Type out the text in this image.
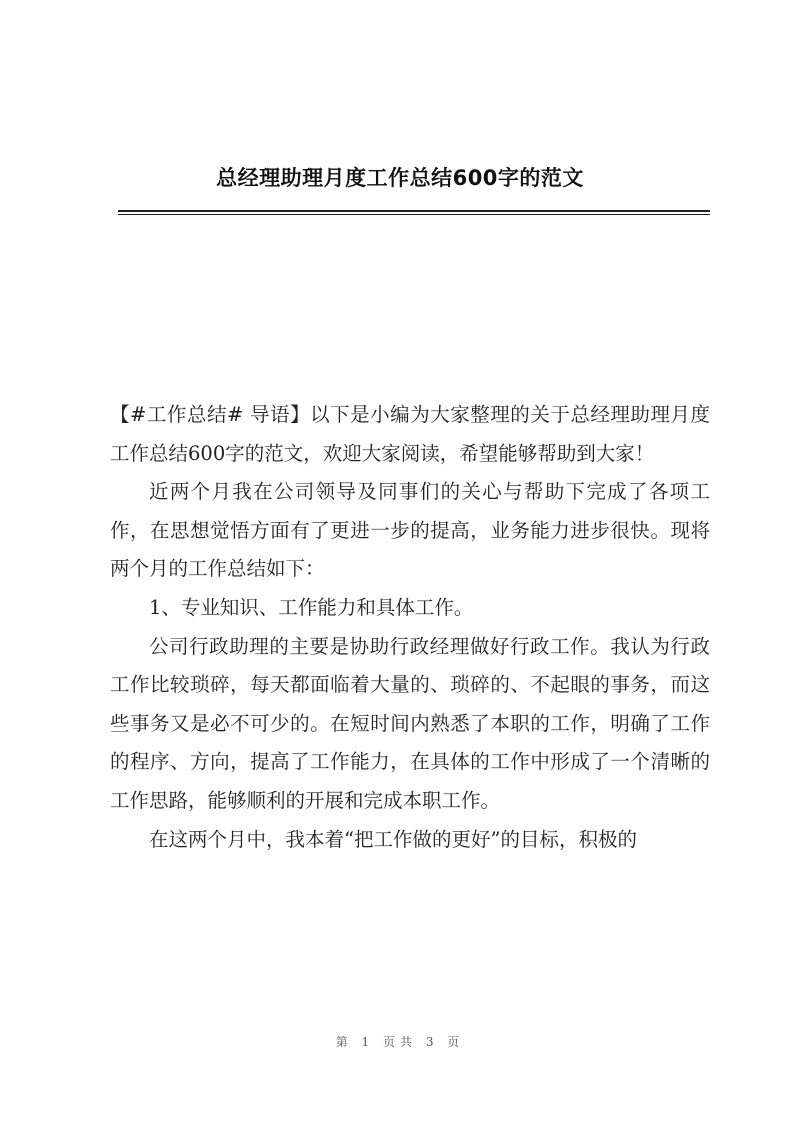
总经理助理月度工作总结600字的范文

【#工作总结# 导语】以下是小编为大家整理的关于总经理助理月度工作总结600字的范文，欢迎大家阅读，希望能够帮助到大家！

近两个月我在公司领导及同事们的关心与帮助下完成了各项工作，在思想觉悟方面有了更进一步的提高，业务能力进步很快。现将两个月的工作总结如下：

1、专业知识、工作能力和具体工作。

公司行政助理的主要是协助行政经理做好行政工作。我认为行政工作比较琐碎，每天都面临着大量的、琐碎的、不起眼的事务，而这些事务又是必不可少的。在短时间内熟悉了本职的工作，明确了工作的程序、方向，提高了工作能力，在具体的工作中形成了一个清晰的工作思路，能够顺利的开展和完成本职工作。

在这两个月中，我本着“把工作做的更好”的目标，积极的

第 1 页共 3 页
